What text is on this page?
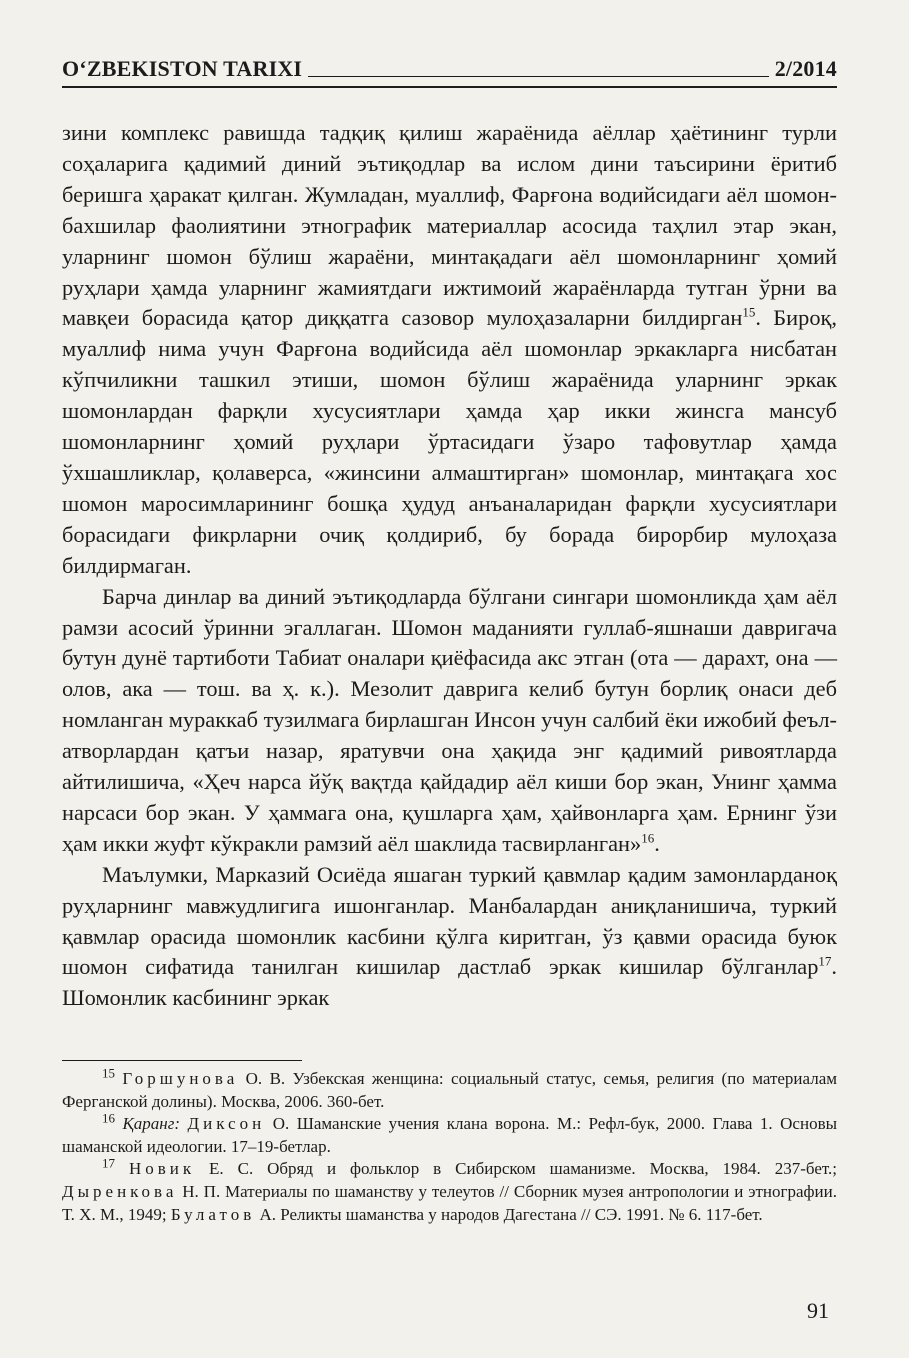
O‘ZBEKISTON TARIXI	2/2014

зини комплекс равишда тадқиқ қилиш жараёнида аёллар ҳаётининг турли соҳаларига қадимий диний эътиқодлар ва ислом дини таъсирини ёритиб беришга ҳаракат қилган. Жумладан, муаллиф, Фарғона водийсидаги аёл шомон-бахшилар фаолиятини этнографик материаллар асосида таҳлил этар экан, уларнинг шомон бўлиш жараёни, минтақадаги аёл шомонларнинг ҳомий руҳлари ҳамда уларнинг жамиятдаги ижтимоий жараёнларда тутган ўрни ва мавқеи борасида қатор диққатга сазовор мулоҳазаларни билдирган$^{15}$. Бироқ, муаллиф нима учун Фарғона водийсида аёл шомонлар эркакларга нисбатан кўпчиликни ташкил этиши, шомон бўлиш жараёнида уларнинг эркак шомонлардан фарқли хусусиятлари ҳамда ҳар икки жинсга мансуб шомонларнинг ҳомий руҳлари ўртасидаги ўзаро тафовутлар ҳамда ўхшашликлар, қолаверса, «жинсини алмаштирган» шомонлар, минтақага хос шомон маросимларининг бошқа ҳудуд анъаналаридан фарқли хусусиятлари борасидаги фикрларни очиқ қолдириб, бу борада бирорбир мулоҳаза билдирмаган.

Барча динлар ва диний эътиқодларда бўлгани сингари шомонликда ҳам аёл рамзи асосий ўринни эгаллаган. Шомон маданияти гуллаб-яшнаши давригача бутун дунё тартиботи Табиат оналари қиёфасида акс этган (ота — дарахт, она — олов, ака — тош. ва ҳ. к.). Мезолит даврига келиб бутун борлиқ онаси деб номланган мураккаб тузилмага бирлашган Инсон учун салбий ёки ижобий феъл-атворлардан қатъи назар, яратувчи она ҳақида энг қадимий ривоятларда айтилишича, «Ҳеч нарса йўқ вақтда қайдадир аёл киши бор экан, Унинг ҳамма нарсаси бор экан. У ҳаммага она, қушларга ҳам, ҳайвонларга ҳам. Ернинг ўзи ҳам икки жуфт кўкракли рамзий аёл шаклида тасвирланган»$^{16}$.

Маълумки, Марказий Осиёда яшаган туркий қавмлар қадим замонларданоқ руҳларнинг мавжудлигига ишонганлар. Манбалардан аниқланишича, туркий қавмлар орасида шомонлик касбини қўлга киритган, ўз қавми орасида буюк шомон сифатида танилган кишилар дастлаб эркак кишилар бўлганлар$^{17}$. Шомонлик касбининг эркак

$^{15}$ Горшунова О. В. Узбекская женщина: социальный статус, семья, религия (по материалам Ферганской долины). Москва, 2006. 360-бет.

$^{16}$ Қаранг: Диксон О. Шаманские учения клана ворона. М.: Рефл-бук, 2000. Глава 1. Основы шаманской идеологии. 17–19-бетлар.

$^{17}$ Новик Е. С. Обряд и фольклор в Сибирском шаманизме. Москва, 1984. 237-бет.; Дыренкова Н. П. Материалы по шаманству у телеутов // Сборник музея антропологии и этнографии. Т. Х. М., 1949; Булатов А. Реликты шаманства у народов Дагестана // СЭ. 1991. № 6. 117-бет.

91
